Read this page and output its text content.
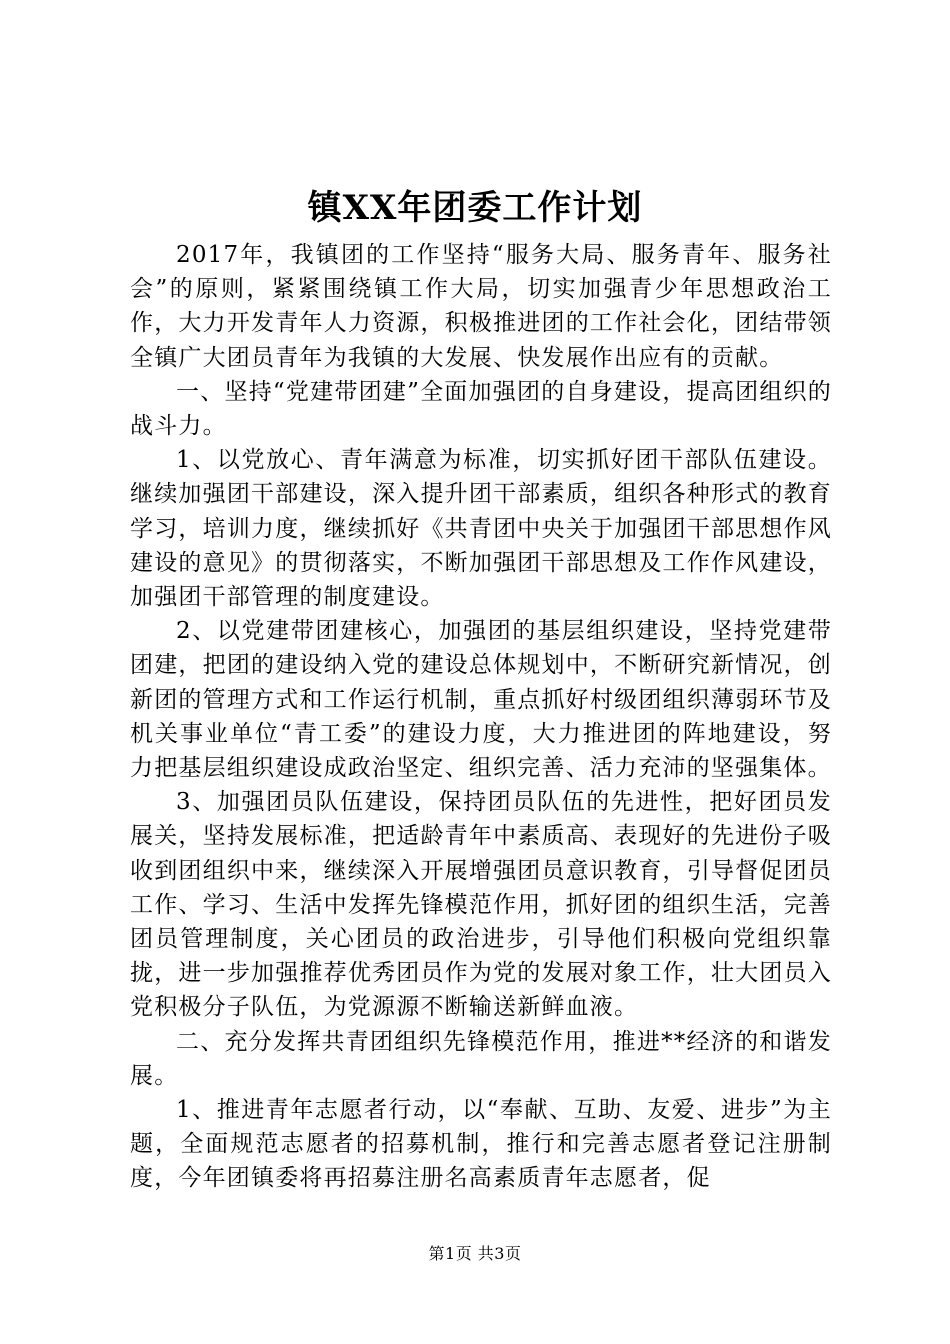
镇XX年团委工作计划

2017年，我镇团的工作坚持“服务大局、服务青年、服务社会”的原则，紧紧围绕镇工作大局，切实加强青少年思想政治工作，大力开发青年人力资源，积极推进团的工作社会化，团结带领全镇广大团员青年为我镇的大发展、快发展作出应有的贡献。

一、坚持“党建带团建”全面加强团的自身建设，提高团组织的战斗力。

1、以党放心、青年满意为标准，切实抓好团干部队伍建设。继续加强团干部建设，深入提升团干部素质，组织各种形式的教育学习，培训力度，继续抓好《共青团中央关于加强团干部思想作风建设的意见》的贯彻落实，不断加强团干部思想及工作作风建设，加强团干部管理的制度建设。

2、以党建带团建核心，加强团的基层组织建设，坚持党建带团建，把团的建设纳入党的建设总体规划中，不断研究新情况，创新团的管理方式和工作运行机制，重点抓好村级团组织薄弱环节及机关事业单位“青工委”的建设力度，大力推进团的阵地建设，努力把基层组织建设成政治坚定、组织完善、活力充沛的坚强集体。

3、加强团员队伍建设，保持团员队伍的先进性，把好团员发展关，坚持发展标准，把适龄青年中素质高、表现好的先进份子吸收到团组织中来，继续深入开展增强团员意识教育，引导督促团员工作、学习、生活中发挥先锋模范作用，抓好团的组织生活，完善团员管理制度，关心团员的政治进步，引导他们积极向党组织靠拢，进一步加强推荐优秀团员作为党的发展对象工作，壮大团员入党积极分子队伍，为党源源不断输送新鲜血液。

二、充分发挥共青团组织先锋模范作用，推进**经济的和谐发展。

1、推进青年志愿者行动，以“奉献、互助、友爱、进步”为主题，全面规范志愿者的招募机制，推行和完善志愿者登记注册制度，今年团镇委将再招募注册名高素质青年志愿者，促

第1页 共3页
